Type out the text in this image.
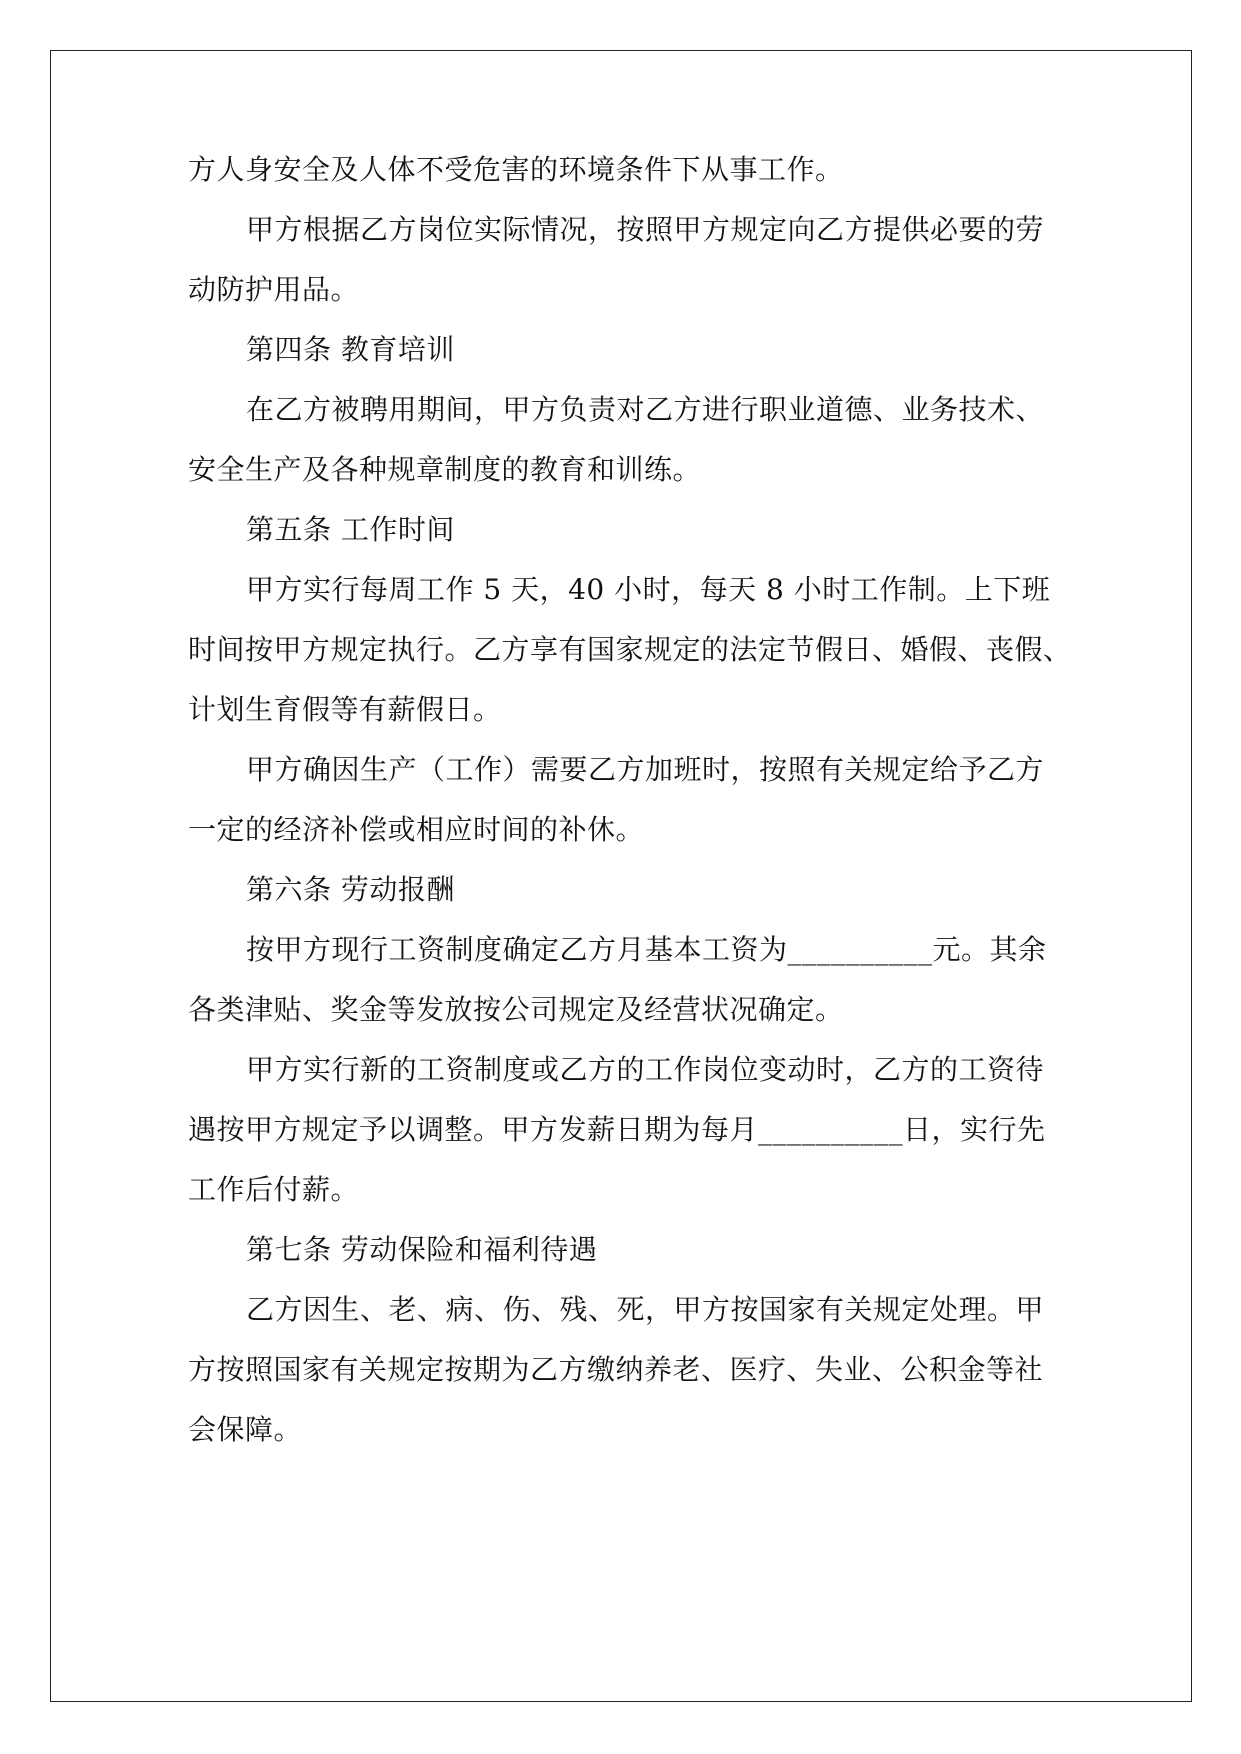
方人身安全及人体不受危害的环境条件下从事工作。
甲方根据乙方岗位实际情况，按照甲方规定向乙方提供必要的劳
动防护用品。
第四条 教育培训
在乙方被聘用期间，甲方负责对乙方进行职业道德、业务技术、
安全生产及各种规章制度的教育和训练。
第五条 工作时间
甲方实行每周工作 5 天，40 小时，每天 8 小时工作制。上下班
时间按甲方规定执行。乙方享有国家规定的法定节假日、婚假、丧假、
计划生育假等有薪假日。
甲方确因生产（工作）需要乙方加班时，按照有关规定给予乙方
一定的经济补偿或相应时间的补休。
第六条 劳动报酬
按甲方现行工资制度确定乙方月基本工资为__________元。其余
各类津贴、奖金等发放按公司规定及经营状况确定。
甲方实行新的工资制度或乙方的工作岗位变动时，乙方的工资待
遇按甲方规定予以调整。甲方发薪日期为每月__________日，实行先
工作后付薪。
第七条 劳动保险和福利待遇
乙方因生、老、病、伤、残、死，甲方按国家有关规定处理。甲
方按照国家有关规定按期为乙方缴纳养老、医疗、失业、公积金等社
会保障。
